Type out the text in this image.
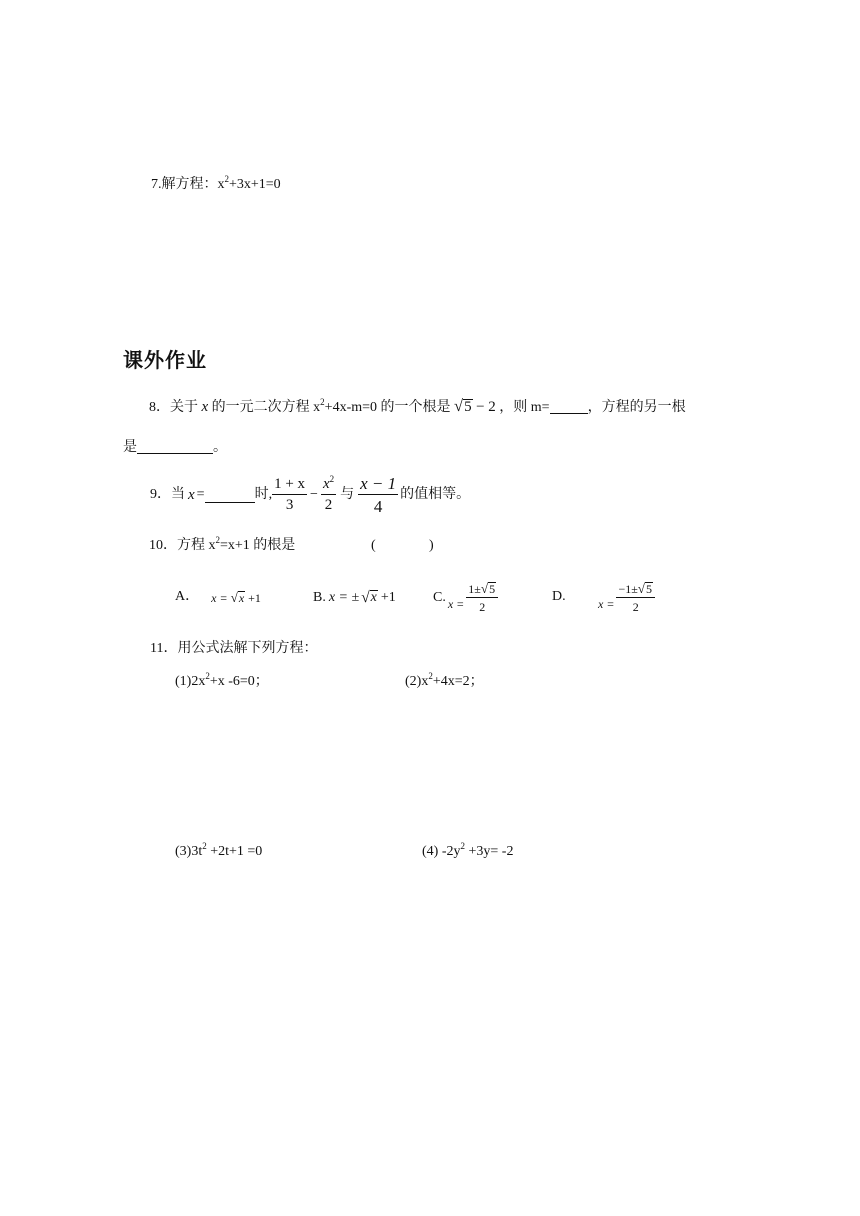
7.解方程：$x^2+3x+1=0$
课外作业
8．关于 x 的一元二次方程 $x^2+4x-m=0$ 的一个根是 √ 5 − 2 ，则 m=	，方程的另一根
是	。
9．当 x =	时, $\frac{1 + x}{3} - \frac{x^2}{2}$ 与 $\frac{x - 1}{4}$ 的值相等。
10．方程 $x^2=x+1$ 的根是	(	)
A． x = √ x +1	B. x = ± √ x +1	C. $x = \frac{1\pm √ 5}{2}$	D.	$x = \frac{-1\pm √ 5}{2}$
11．用公式法解下列方程：
$(1)2x^2+x$ -6=0；	$(2)x^2+4x=2$；
$(3)3t^2 +2t+1 =0$	(4) $-2y^2 +3y= -2$
